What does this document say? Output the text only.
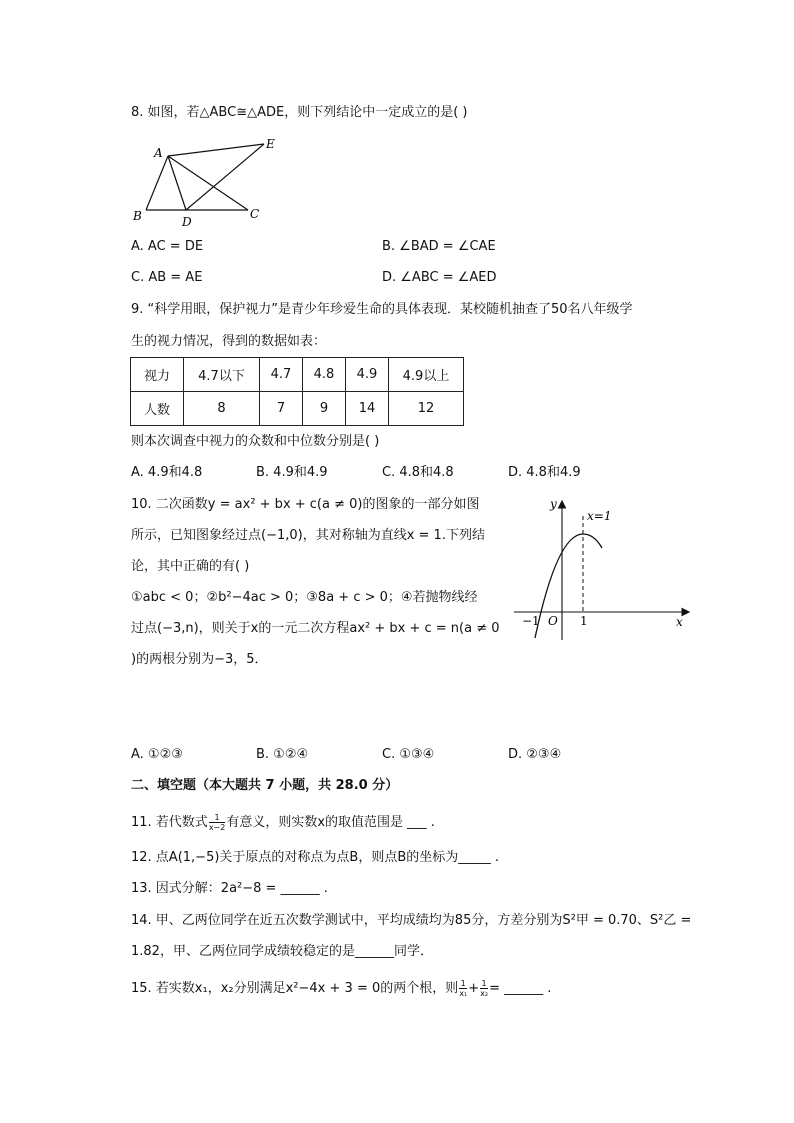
8. 如图，若△ABC≅△ADE，则下列结论中一定成立的是( )
A
E
B	D
C
A. AC = DE	B. ∠BAD = ∠CAE
C. AB = AE	D. ∠ABC = ∠AED
9. “科学用眼，保护视力”是青少年珍爱生命的具体表现．某校随机抽查了50名八年级学
生的视力情况，得到的数据如表：
视力	4.7以下	4.7	4.8	4.9	4.9以上
人数	8	7	9	14	12
则本次调查中视力的众数和中位数分别是( )
A. 4.9和4.8	B. 4.9和4.9	C. 4.8和4.8	D. 4.8和4.9
10. 二次函数y = ax² + bx + c(a ≠ 0)的图象的一部分如图
所示，已知图象经过点(−1,0)，其对称轴为直线x = 1.下列结
论，其中正确的有( )
①abc < 0；②b²−4ac > 0；③8a + c > 0；④若抛物线经
过点(−3,n)，则关于x的一元二次方程ax² + bx + c = n(a ≠ 0
)的两根分别为−3，5．
y
x
x=1
O
−1	1
A. ①②③	B. ①②④	C. ①③④	D. ②③④
二、填空题（本大题共 7 小题，共 28.0 分）
11. 若代数式 $\frac{1}{x-2}$ 有意义，则实数x的取值范围是 ___ .
12. 点A(1,−5)关于原点的对称点为点B，则点B的坐标为_____ .
13. 因式分解：2a²−8 = ______ .
14. 甲、乙两位同学在近五次数学测试中，平均成绩均为85分，方差分别为S²甲 = 0.70、S²乙 =
1.82，甲、乙两位同学成绩较稳定的是______同学．
15. 若实数x₁，x₂分别满足x²−4x + 3 = 0的两个根，则 $\frac{1}{\text{x₁}} + \frac{1}{\text{x₂}}$ = ______ .
